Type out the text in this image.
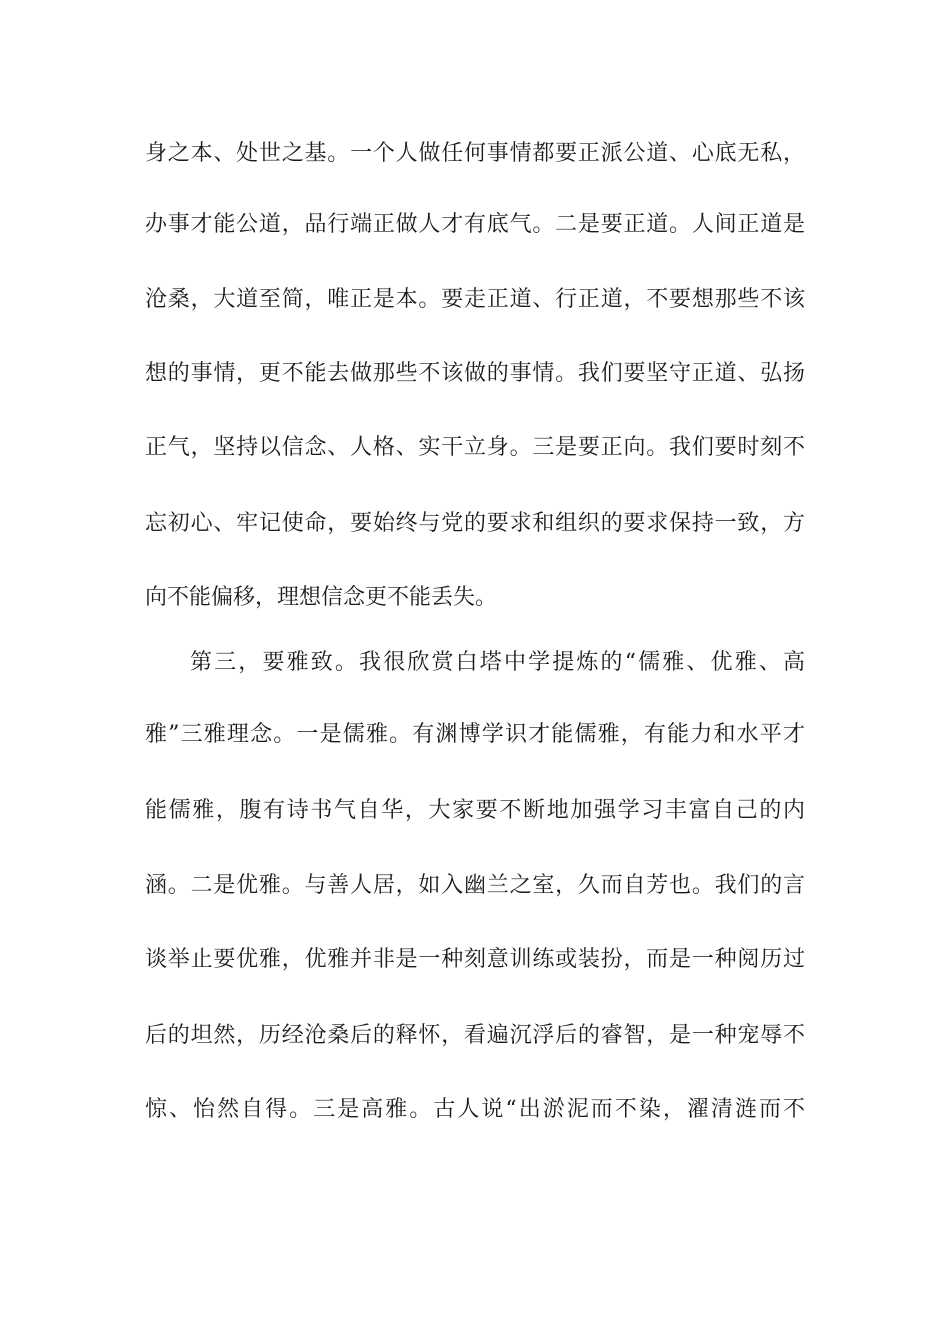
身之本、处世之基。一个人做任何事情都要正派公道、心底无私，
办事才能公道，品行端正做人才有底气。二是要正道。人间正道是
沧桑，大道至简，唯正是本。要走正道、行正道，不要想那些不该
想的事情，更不能去做那些不该做的事情。我们要坚守正道、弘扬
正气，坚持以信念、人格、实干立身。三是要正向。我们要时刻不
忘初心、牢记使命，要始终与党的要求和组织的要求保持一致，方
向不能偏移，理想信念更不能丢失。
第三，要雅致。我很欣赏白塔中学提炼的“儒雅、优雅、高
雅”三雅理念。一是儒雅。有渊博学识才能儒雅，有能力和水平才
能儒雅，腹有诗书气自华，大家要不断地加强学习丰富自己的内
涵。二是优雅。与善人居，如入幽兰之室，久而自芳也。我们的言
谈举止要优雅，优雅并非是一种刻意训练或装扮，而是一种阅历过
后的坦然，历经沧桑后的释怀，看遍沉浮后的睿智，是一种宠辱不
惊、怡然自得。三是高雅。古人说“出淤泥而不染，濯清涟而不
